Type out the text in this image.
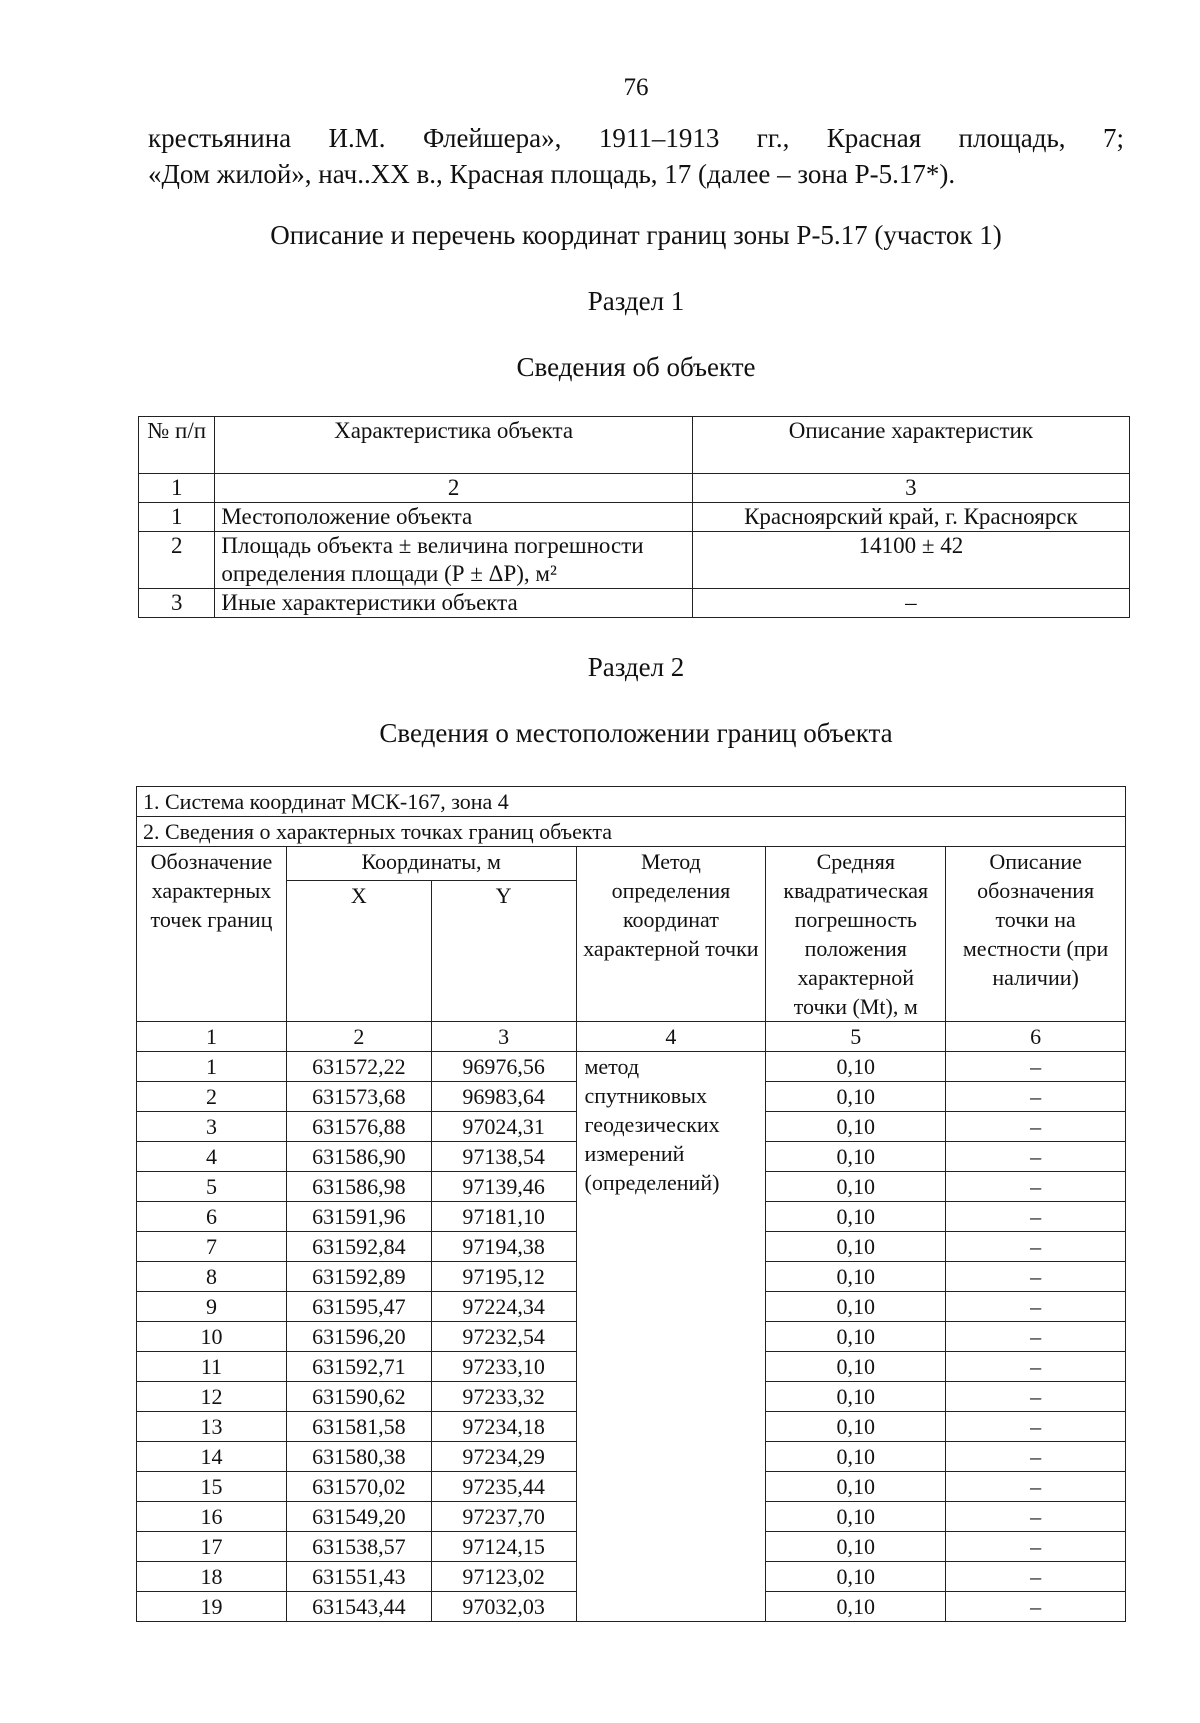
76
крестьянина И.М. Флейшера», 1911–1913 гг., Красная площадь, 7;
«Дом жилой», нач..XX в., Красная площадь, 17 (далее – зона Р-5.17*).
Описание и перечень координат границ зоны Р-5.17 (участок 1)
Раздел 1
Сведения об объекте
№ п/п	Характеристика объекта	Описание характеристик
1	2	3
1	Местоположение объекта	Красноярский край, г. Красноярск
2	Площадь объекта ± величина погрешности определения площади (Р ± ΔР), м²	14100 ± 42
3	Иные характеристики объекта	–
Раздел 2
Сведения о местоположении границ объекта
1. Система координат МСК-167, зона 4					
2. Сведения о характерных точках границ объекта					
Обозначение характерных точек границ	Координаты, м		Метод определения координат характерной точки	Средняя квадратическая погрешность положения характерной точки (Mt), м	Описание обозначения точки на местности (при наличии)
	X	Y			
1	2	3	4	5	6
1	631572,22	96976,56	метод спутниковых геодезических измерений (определений)	0,10	–
2	631573,68	96983,64		0,10	–
3	631576,88	97024,31		0,10	–
4	631586,90	97138,54		0,10	–
5	631586,98	97139,46		0,10	–
6	631591,96	97181,10		0,10	–
7	631592,84	97194,38		0,10	–
8	631592,89	97195,12		0,10	–
9	631595,47	97224,34		0,10	–
10	631596,20	97232,54		0,10	–
11	631592,71	97233,10		0,10	–
12	631590,62	97233,32		0,10	–
13	631581,58	97234,18		0,10	–
14	631580,38	97234,29		0,10	–
15	631570,02	97235,44		0,10	–
16	631549,20	97237,70		0,10	–
17	631538,57	97124,15		0,10	–
18	631551,43	97123,02		0,10	–
19	631543,44	97032,03		0,10	–
